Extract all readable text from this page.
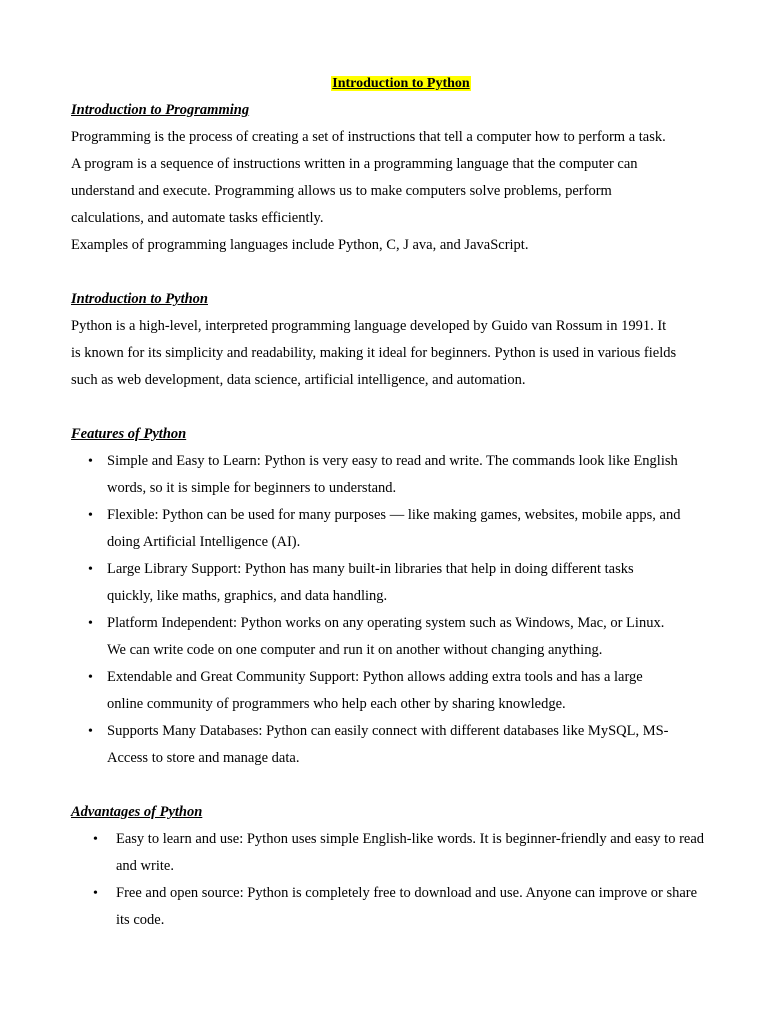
Introduction to Python
Introduction to Programming
Programming is the process of creating a set of instructions that tell a computer how to perform a task.
A program is a sequence of instructions written in a programming language that the computer can
understand and execute. Programming allows us to make computers solve problems, perform
calculations, and automate tasks efficiently.
Examples of programming languages include Python, C, J ava, and JavaScript.
Introduction to Python
Python is a high-level, interpreted programming language developed by Guido van Rossum in 1991. It
is known for its simplicity and readability, making it ideal for beginners. Python is used in various fields
such as web development, data science, artificial intelligence, and automation.
Features of Python
• Simple and Easy to Learn: Python is very easy to read and write. The commands look like English
words, so it is simple for beginners to understand.
• Flexible: Python can be used for many purposes — like making games, websites, mobile apps, and
doing Artificial Intelligence (AI).
• Large Library Support: Python has many built-in libraries that help in doing different tasks
quickly, like maths, graphics, and data handling.
• Platform Independent: Python works on any operating system such as Windows, Mac, or Linux.
We can write code on one computer and run it on another without changing anything.
• Extendable and Great Community Support: Python allows adding extra tools and has a large
online community of programmers who help each other by sharing knowledge.
• Supports Many Databases: Python can easily connect with different databases like MySQL, MS-
Access to store and manage data.
Advantages of Python
• Easy to learn and use: Python uses simple English-like words. It is beginner-friendly and easy to read
and write.
• Free and open source: Python is completely free to download and use. Anyone can improve or share
its code.
